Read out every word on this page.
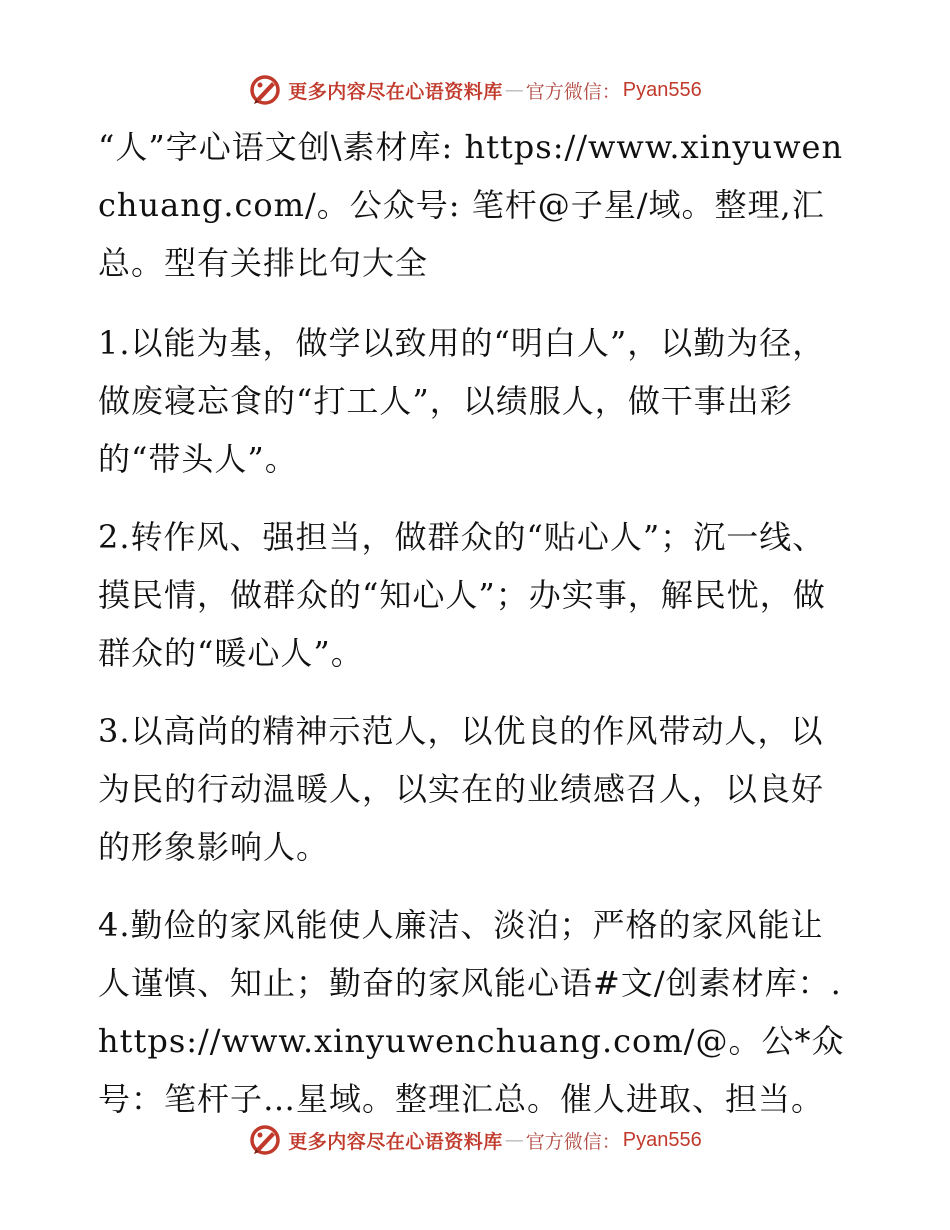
更多内容尽在心语资料库 — 官方微信： Pyan556

“人”字心语文创\素材库: https://www.xinyuwenchuang.com/。公众号: 笔杆@子星/域。整理,汇总。型有关排比句大全

1.以能为基，做学以致用的“明白人”，以勤为径，做废寝忘食的“打工人”，以绩服人，做干事出彩的“带头人”。

2.转作风、强担当，做群众的“贴心人”；沉一线、摸民情，做群众的“知心人”；办实事，解民忧，做群众的“暖心人”。

3.以高尚的精神示范人，以优良的作风带动人，以为民的行动温暖人，以实在的业绩感召人，以良好的形象影响人。

4.勤俭的家风能使人廉洁、淡泊；严格的家风能让人谨慎、知止；勤奋的家风能心语#文/创素材库：.https://www.xinyuwenchuang.com/@。公*众号：笔杆子…星域。整理汇总。催人进取、担当。

更多内容尽在心语资料库 — 官方微信： Pyan556
